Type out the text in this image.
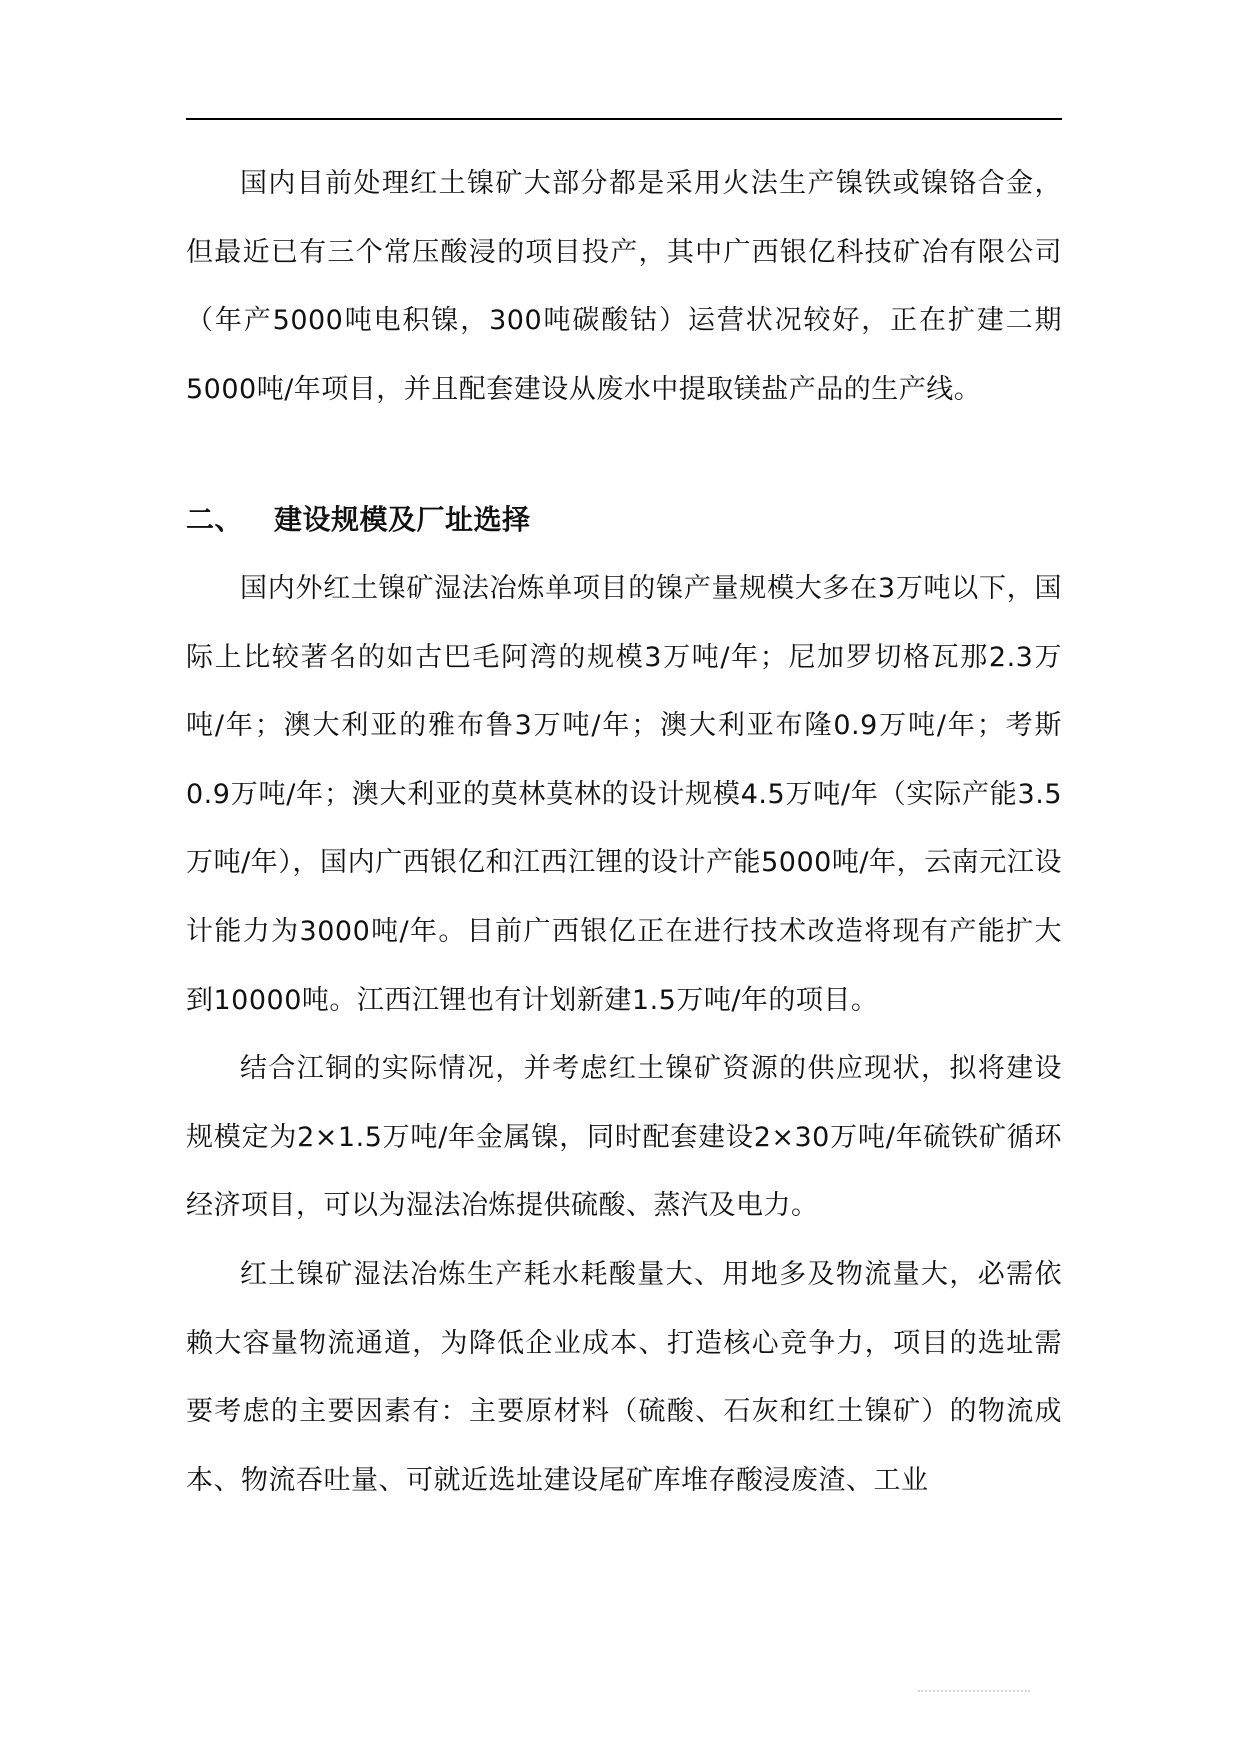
国内目前处理红土镍矿大部分都是采用火法生产镍铁或镍铬合金，但最近已有三个常压酸浸的项目投产，其中广西银亿科技矿冶有限公司（年产5000吨电积镍，300吨碳酸钴）运营状况较好，正在扩建二期5000吨/年项目，并且配套建设从废水中提取镁盐产品的生产线。

二、 建设规模及厂址选择

国内外红土镍矿湿法冶炼单项目的镍产量规模大多在3万吨以下，国际上比较著名的如古巴毛阿湾的规模3万吨/年；尼加罗切格瓦那2.3万吨/年；澳大利亚的雅布鲁3万吨/年；澳大利亚布隆0.9万吨/年；考斯0.9万吨/年；澳大利亚的莫林莫林的设计规模4.5万吨/年（实际产能3.5万吨/年），国内广西银亿和江西江锂的设计产能5000吨/年，云南元江设计能力为3000吨/年。目前广西银亿正在进行技术改造将现有产能扩大到10000吨。江西江锂也有计划新建1.5万吨/年的项目。

结合江铜的实际情况，并考虑红土镍矿资源的供应现状，拟将建设规模定为2×1.5万吨/年金属镍，同时配套建设2×30万吨/年硫铁矿循环经济项目，可以为湿法冶炼提供硫酸、蒸汽及电力。

红土镍矿湿法冶炼生产耗水耗酸量大、用地多及物流量大，必需依赖大容量物流通道，为降低企业成本、打造核心竞争力，项目的选址需要考虑的主要因素有：主要原材料（硫酸、石灰和红土镍矿）的物流成本、物流吞吐量、可就近选址建设尾矿库堆存酸浸废渣、工业
